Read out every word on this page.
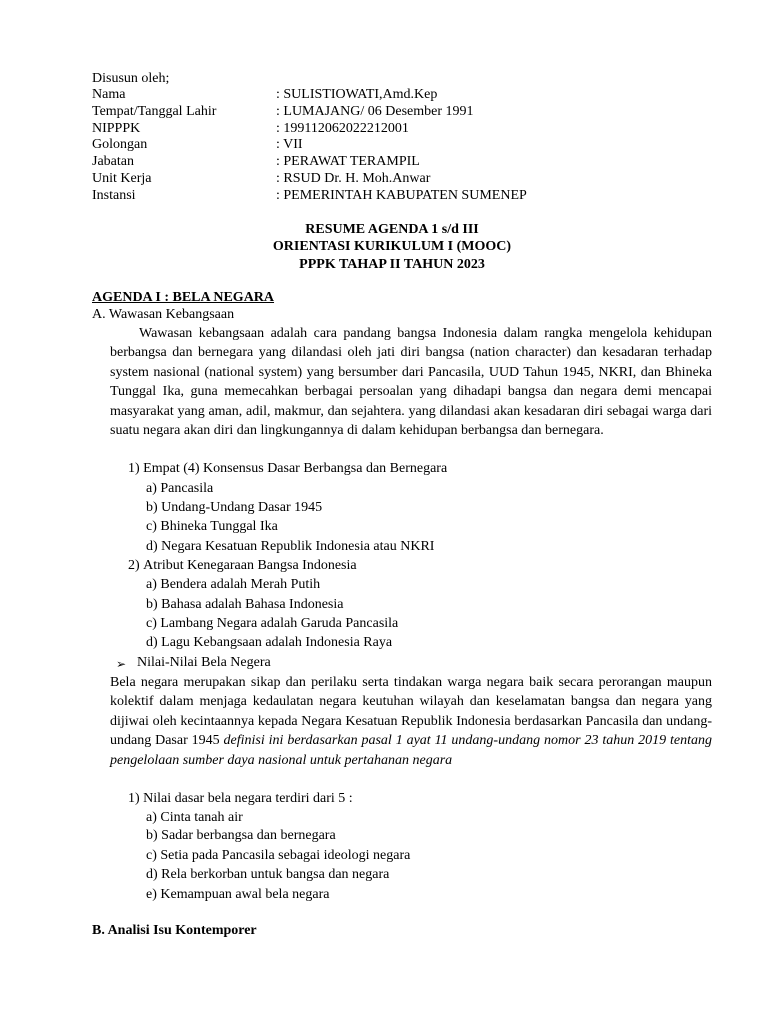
Disusun oleh;
Nama	: SULISTIOWATI,Amd.Kep
Tempat/Tanggal Lahir	: LUMAJANG/ 06 Desember 1991
NIPPPK	: 199112062022212001
Golongan	: VII
Jabatan	: PERAWAT TERAMPIL
Unit Kerja	: RSUD Dr. H. Moh.Anwar
Instansi	: PEMERINTAH KABUPATEN SUMENEP
RESUME AGENDA 1 s/d III
ORIENTASI KURIKULUM I (MOOC)
PPPK TAHAP II TAHUN 2023
AGENDA I : BELA NEGARA
A. Wawasan Kebangsaan
Wawasan kebangsaan adalah cara pandang bangsa Indonesia dalam rangka mengelola kehidupan berbangsa dan bernegara yang dilandasi oleh jati diri bangsa (nation character) dan kesadaran terhadap system nasional (national system) yang bersumber dari Pancasila, UUD Tahun 1945, NKRI, dan Bhineka Tunggal Ika, guna memecahkan berbagai persoalan yang dihadapi bangsa dan negara demi mencapai masyarakat yang aman, adil, makmur, dan sejahtera. yang dilandasi akan kesadaran diri sebagai warga dari suatu negara akan diri dan lingkungannya di dalam kehidupan berbangsa dan bernegara.
1) Empat (4) Konsensus Dasar Berbangsa dan Bernegara
a) Pancasila
b) Undang-Undang Dasar 1945
c) Bhineka Tunggal Ika
d) Negara Kesatuan Republik Indonesia atau NKRI
2) Atribut Kenegaraan Bangsa Indonesia
a) Bendera adalah Merah Putih
b) Bahasa adalah Bahasa Indonesia
c) Lambang Negara adalah Garuda Pancasila
d) Lagu Kebangsaan adalah Indonesia Raya
➢ Nilai-Nilai Bela Negera
Bela negara merupakan sikap dan perilaku serta tindakan warga negara baik secara perorangan maupun kolektif dalam menjaga kedaulatan negara keutuhan wilayah dan keselamatan bangsa dan negara yang dijiwai oleh kecintaannya kepada Negara Kesatuan Republik Indonesia berdasarkan Pancasila dan undang-undang Dasar 1945 definisi ini berdasarkan pasal 1 ayat 11 undang-undang nomor 23 tahun 2019 tentang pengelolaan sumber daya nasional untuk pertahanan negara
1) Nilai dasar bela negara terdiri dari 5 :
a) Cinta tanah air
b) Sadar berbangsa dan bernegara
c) Setia pada Pancasila sebagai ideologi negara
d) Rela berkorban untuk bangsa dan negara
e) Kemampuan awal bela negara
B. Analisi Isu Kontemporer
